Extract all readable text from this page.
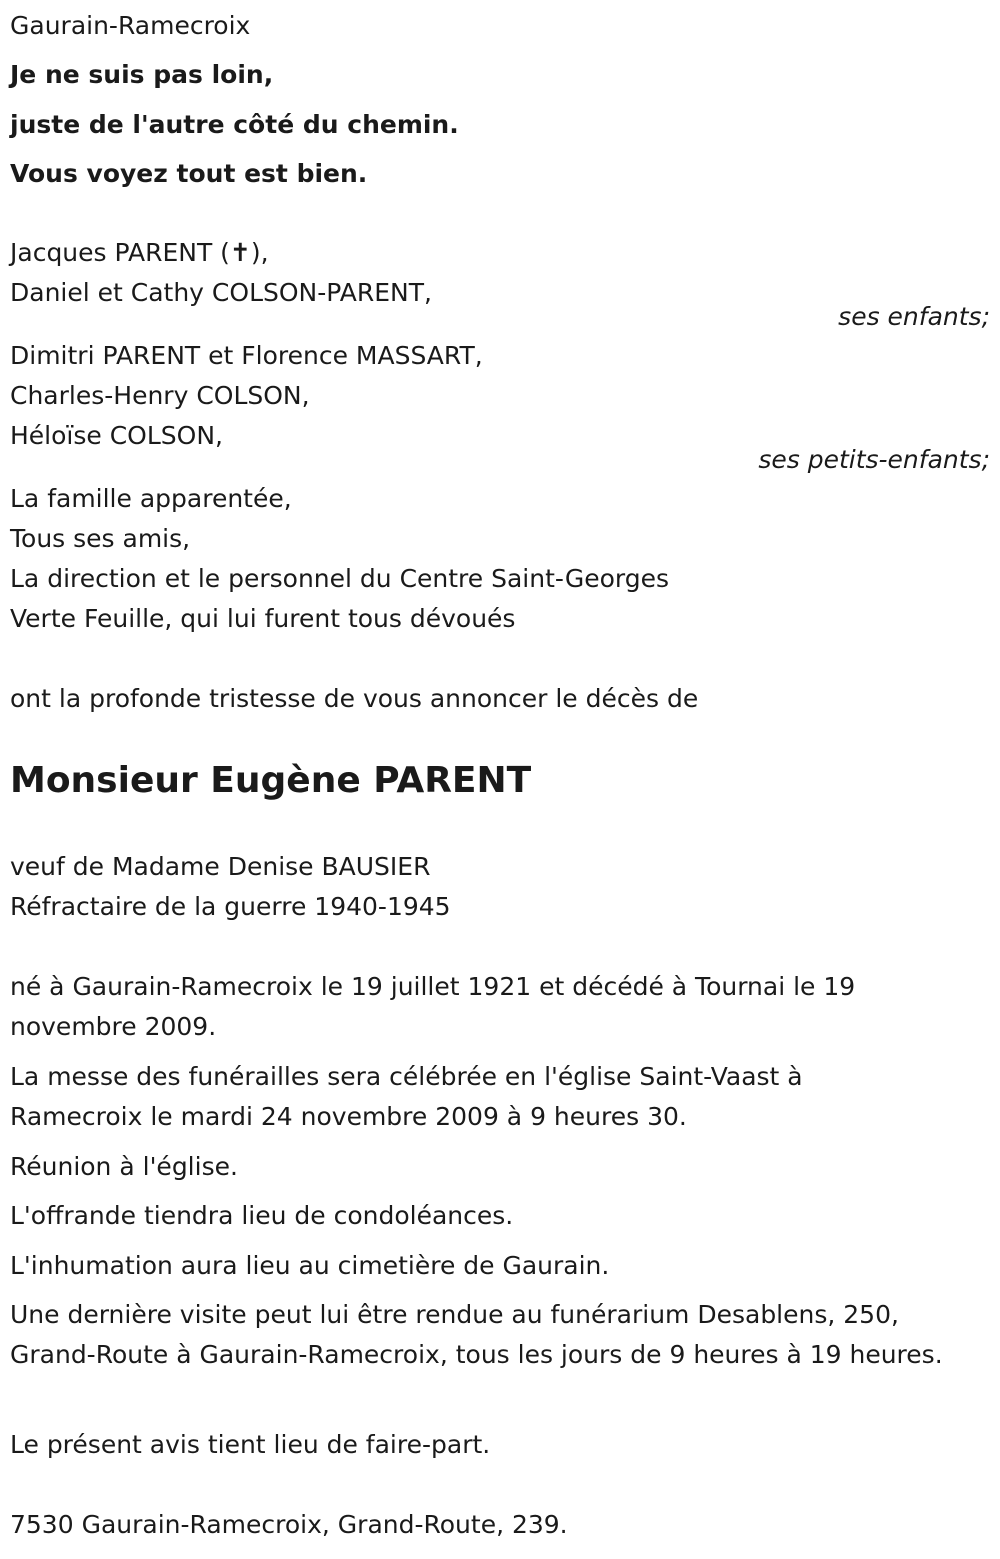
Gaurain-Ramecroix
Je ne suis pas loin,
juste de l'autre côté du chemin.
Vous voyez tout est bien.
Jacques PARENT (✝),
Daniel et Cathy COLSON-PARENT,
ses enfants;
Dimitri PARENT et Florence MASSART,
Charles-Henry COLSON,
Héloïse COLSON,
ses petits-enfants;
La famille apparentée,
Tous ses amis,
La direction et le personnel du Centre Saint-Georges
Verte Feuille, qui lui furent tous dévoués
ont la profonde tristesse de vous annoncer le décès de
Monsieur Eugène PARENT
veuf de Madame Denise BAUSIER
Réfractaire de la guerre 1940-1945
né à Gaurain-Ramecroix le 19 juillet 1921 et décédé à Tournai le 19 novembre 2009.
La messe des funérailles sera célébrée en l'église Saint-Vaast à Ramecroix le mardi 24 novembre 2009 à 9 heures 30.
Réunion à l'église.
L'offrande tiendra lieu de condoléances.
L'inhumation aura lieu au cimetière de Gaurain.
Une dernière visite peut lui être rendue au funérarium Desablens, 250, Grand-Route à Gaurain-Ramecroix, tous les jours de 9 heures à 19 heures.
Le présent avis tient lieu de faire-part.
7530 Gaurain-Ramecroix, Grand-Route, 239.
